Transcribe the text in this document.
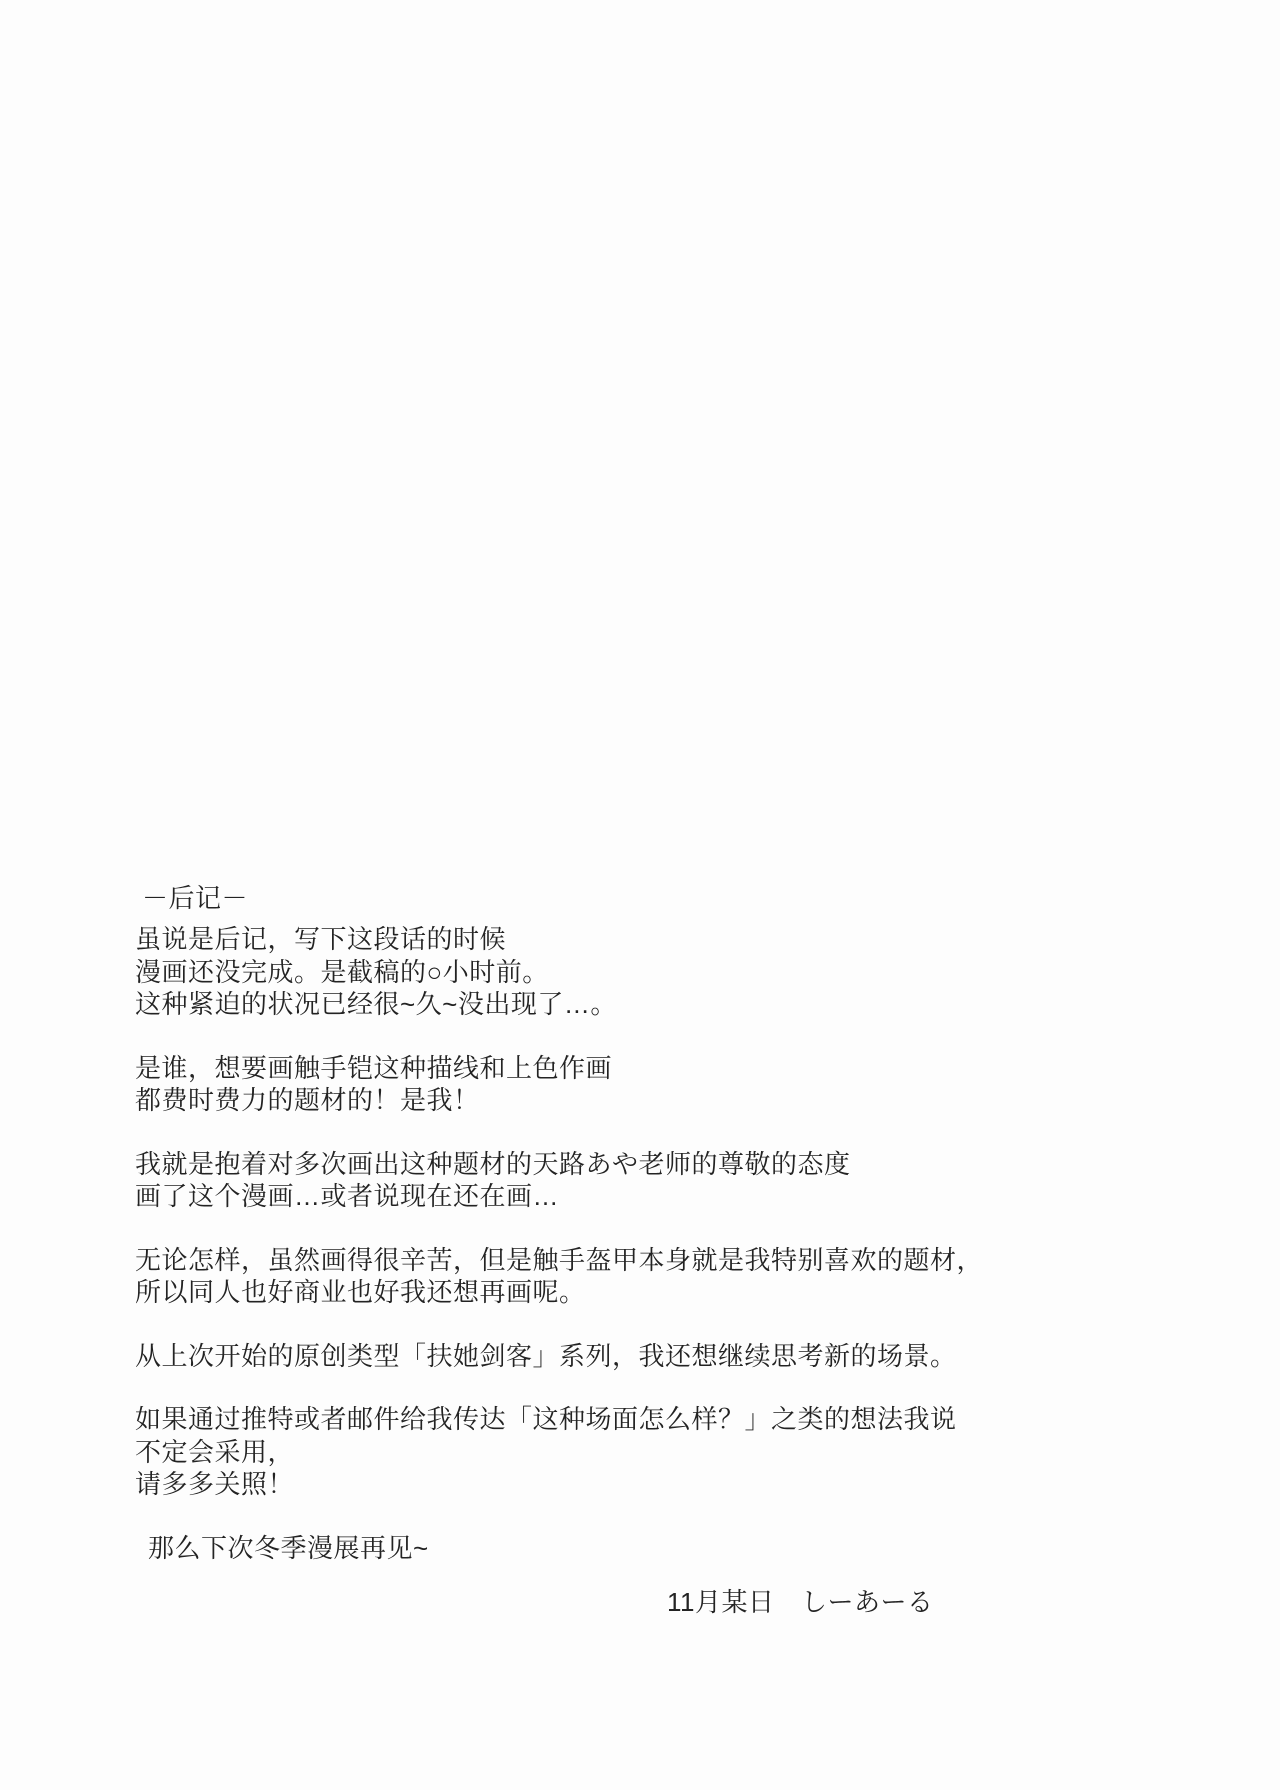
－后记－
虽说是后记，写下这段话的时候
漫画还没完成。是截稿的○小时前。
这种紧迫的状况已经很~久~没出现了…。
是谁，想要画触手铠这种描线和上色作画
都费时费力的题材的！是我！
我就是抱着对多次画出这种题材的天路あや老师的尊敬的态度
画了这个漫画…或者说现在还在画…
无论怎样，虽然画得很辛苦，但是触手盔甲本身就是我特别喜欢的题材，
所以同人也好商业也好我还想再画呢。
从上次开始的原创类型「扶她剑客」系列，我还想继续思考新的场景。
如果通过推特或者邮件给我传达「这种场面怎么样？」之类的想法我说
不定会采用，
请多多关照！
那么下次冬季漫展再见~
11月某日　しーあーる
